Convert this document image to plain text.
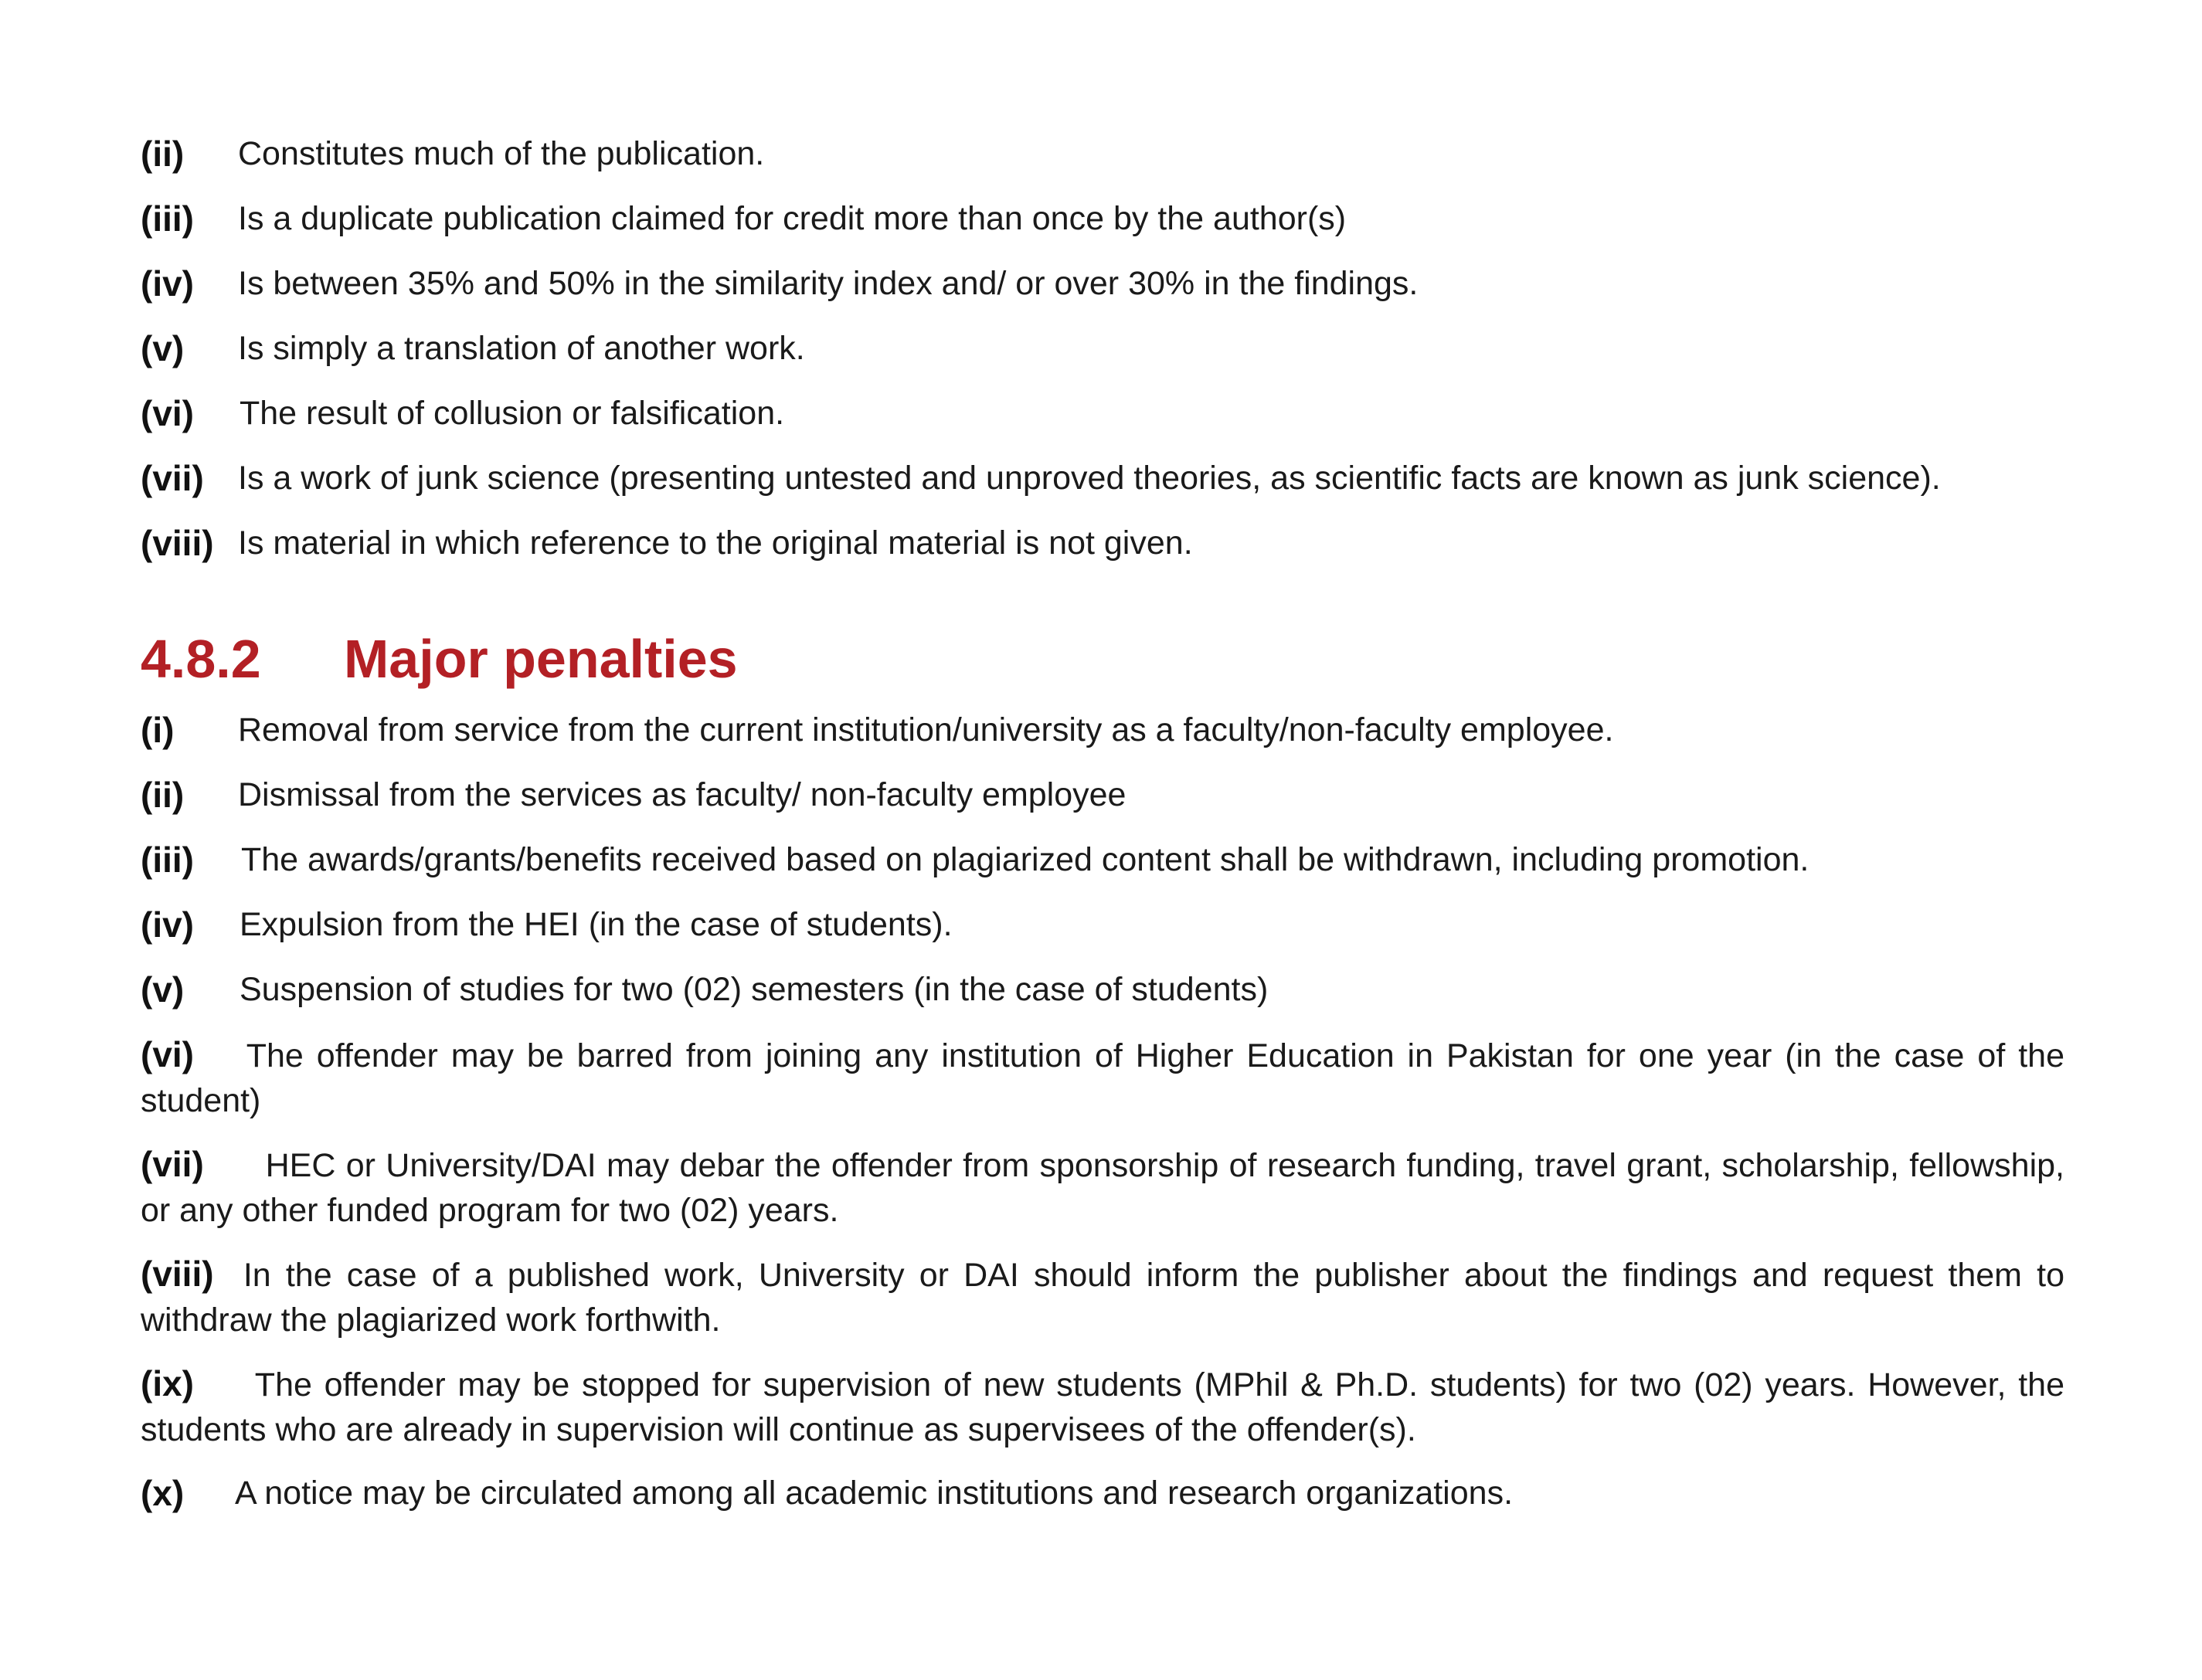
(ii) Constitutes much of the publication.
(iii) Is a duplicate publication claimed for credit more than once by the author(s)
(iv) Is between 35% and 50% in the similarity index and/ or over 30% in the findings.
(v) Is simply a translation of another work.
(vi) The result of collusion or falsification.
(vii) Is a work of junk science (presenting untested and unproved theories, as scientific facts are known as junk science).
(viii) Is material in which reference to the original material is not given.
4.8.2 Major penalties
(i) Removal from service from the current institution/university as a faculty/non-faculty employee.
(ii) Dismissal from the services as faculty/ non-faculty employee
(iii) The awards/grants/benefits received based on plagiarized content shall be withdrawn, including promotion.
(iv) Expulsion from the HEI (in the case of students).
(v) Suspension of studies for two (02) semesters (in the case of students)
(vi) The offender may be barred from joining any institution of Higher Education in Pakistan for one year (in the case of the student)
(vii) HEC or University/DAI may debar the offender from sponsorship of research funding, travel grant, scholarship, fellowship, or any other funded program for two (02) years.
(viii) In the case of a published work, University or DAI should inform the publisher about the findings and request them to withdraw the plagiarized work forthwith.
(ix) The offender may be stopped for supervision of new students (MPhil & Ph.D. students) for two (02) years. However, the students who are already in supervision will continue as supervisees of the offender(s).
(x) A notice may be circulated among all academic institutions and research organizations.
